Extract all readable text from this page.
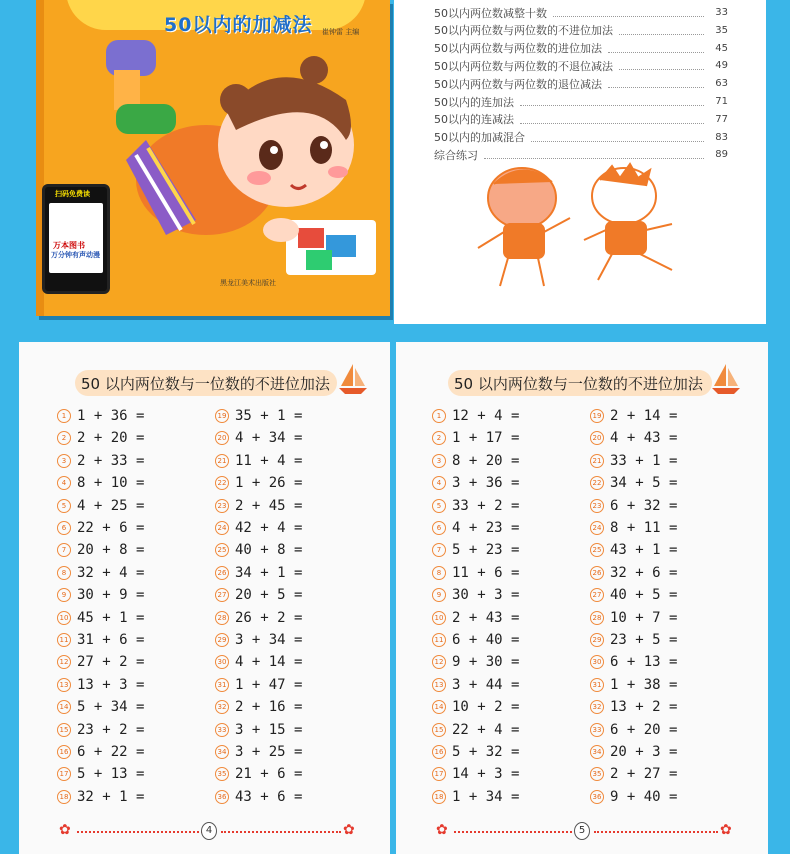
50以内的加减法 崔钟雷 主编
扫码免费读
万本图书
万分钟有声动漫
黑龙江美术出版社
50以内两位数减整十数	33
50以内两位数与两位数的不进位加法	35
50以内两位数与两位数的进位加法	45
50以内两位数与两位数的不退位减法	49
50以内两位数与两位数的退位减法	63
50以内的连加法	71
50以内的连减法	77
50以内的加减混合	83
综合练习	89
50 以内两位数与一位数的不进位加法
1 1 + 36 =
2 2 + 20 =
3 2 + 33 =
4 8 + 10 =
5 4 + 25 =
6 22 + 6 =
7 20 + 8 =
8 32 + 4 =
9 30 + 9 =
10 45 + 1 =
11 31 + 6 =
12 27 + 2 =
13 13 + 3 =
14 5 + 34 =
15 23 + 2 =
16 6 + 22 =
17 5 + 13 =
18 32 + 1 =
19 35 + 1 =
20 4 + 34 =
21 11 + 4 =
22 1 + 26 =
23 2 + 45 =
24 42 + 4 =
25 40 + 8 =
26 34 + 1 =
27 20 + 5 =
28 26 + 2 =
29 3 + 34 =
30 4 + 14 =
31 1 + 47 =
32 2 + 16 =
33 3 + 15 =
34 3 + 25 =
35 21 + 6 =
36 43 + 6 =
✿	4	✿
50 以内两位数与一位数的不进位加法
1 12 + 4 =
2 1 + 17 =
3 8 + 20 =
4 3 + 36 =
5 33 + 2 =
6 4 + 23 =
7 5 + 23 =
8 11 + 6 =
9 30 + 3 =
10 2 + 43 =
11 6 + 40 =
12 9 + 30 =
13 3 + 44 =
14 10 + 2 =
15 22 + 4 =
16 5 + 32 =
17 14 + 3 =
18 1 + 34 =
19 2 + 14 =
20 4 + 43 =
21 33 + 1 =
22 34 + 5 =
23 6 + 32 =
24 8 + 11 =
25 43 + 1 =
26 32 + 6 =
27 40 + 5 =
28 10 + 7 =
29 23 + 5 =
30 6 + 13 =
31 1 + 38 =
32 13 + 2 =
33 6 + 20 =
34 20 + 3 =
35 2 + 27 =
36 9 + 40 =
✿	5	✿
